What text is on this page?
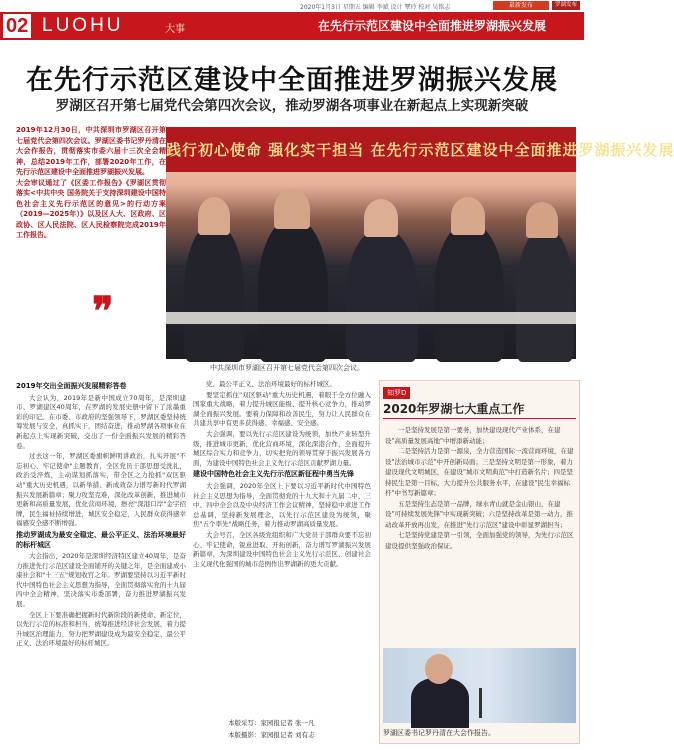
2020年1月3日 星期五 编辑 李斌 设计 覃玲 校对 吴铭志	最新发布	罗湖发布
02 LUOHU	大事	在先行示范区建设中全面推进罗湖振兴发展
在先行示范区建设中全面推进罗湖振兴发展
罗湖区召开第七届党代会第四次会议，推动罗湖各项事业在新起点上实现新突破

2019年12月30日，中共深圳市罗湖区召开第七届党代会第四次会议。罗湖区委书记罗丹清在大会作报告，贯彻落实市委六届十三次全会精神，总结2019年工作，部署2020年工作，在先行示范区建设中全面推进罗湖振兴发展。

大会审议通过了《区委工作报告》《罗湖区贯彻落实<中共中央 国务院关于支持深圳建设中国特色社会主义先行示范区的意见>的行动方案（2019—2025年）》以及区人大、区政府、区政协、区人民法院、区人民检察院完成2019年工作报告。

❞
践行初心使命 强化实干担当 在先行示范区建设中全面推进罗湖振兴发展
中共深圳市罗湖区召开第七届党代会第四次会议。
2019年交出全面振兴发展精彩答卷

大会认为，2019年是新中国成立70周年，是深圳建市、罗湖建区40周年，在罗湖的发展史册中留下了浓墨重彩的印记。在市委、市政府的坚强领导下，罗湖区委坚持统筹发展与安全，真抓实干，团结奋进，推动罗湖各项事业在新起点上实现新突破，交出了一份全面振兴发展的精彩答卷。

过去这一年，罗湖区委旗帜鲜明讲政治，扎实开展"不忘初心、牢记使命"主题教育，全区党员干部思想受洗礼，政治受淬炼，主动谋划抓落实，带全区之力抢抓"双区驱动"重大历史机遇，以新举措、新成效奋力谱写新时代罗湖振兴发展新篇章；聚力攻坚克难，深化改革创新，推进城市更新和高质量发展，优化营商环境，擦亮"深港口岸"金字招牌，民生福祉持续增进，城区安全稳定，人民群众获得感幸福感安全感不断增强。

推动罗湖成为最安全稳定、最公平正义、法治环境最好的标杆城区

大会指出，2020年是深圳经济特区建立40周年，是奋力推进先行示范区建设全面铺开的关键之年，是全面建成小康社会和"十三五"规划收官之年。罗湖要坚持以习近平新时代中国特色社会主义思想为指导，全面贯彻落实党的十九届四中全会精神，坚决落实市委部署，奋力推进罗湖振兴发展。

全区上下要准确把握新时代新阶段的新使命、新定位，以先行示范的标准和担当，统筹推进经济社会发展，着力提升城区治理能力，努力把罗湖建设成为最安全稳定、最公平正义、法治环境最好的标杆城区。

党、最公平正义、法治环境最好的标杆城区。

要坚定抓住"双区驱动"重大历史机遇，着眼于全方位融入国家重大战略，着力提升城区能级、提升核心竞争力，推动罗湖全面振兴发展。要着力保障和改善民生，努力让人民群众在共建共享中有更多获得感、幸福感、安全感。

大会强调，要以先行示范区建设为统领，加快产业转型升级，推进城市更新，优化营商环境，深化深港合作，全面提升城区综合实力和竞争力，切实把党的领导贯穿于振兴发展各方面，为建设中国特色社会主义先行示范区贡献罗湖力量。

建设中国特色社会主义先行示范区新征程中勇当先锋

大会强调，2020年全区上下要以习近平新时代中国特色社会主义思想为指导，全面贯彻党的十九大和十九届二中、三中、四中全会以及中央经济工作会议精神，坚持稳中求进工作总基调，坚持新发展理念，以先行示范区建设为统领，聚焦"五个率先"战略任务，着力推动罗湖高质量发展。

大会号召，全区各级党组织和广大党员干部群众要不忘初心、牢记使命，锐意进取、开拓创新，奋力谱写罗湖振兴发展新篇章，为深圳建设中国特色社会主义先行示范区、创建社会主义现代化强国的城市范例作出罗湖新的更大贡献。

本版采写：家园报记者 张一凡
本版摄影：家园报记者 刘有志
知罗D
2020年罗湖七大重点工作

一是坚持发展是第一要务，加快建设现代产业体系，在建设"高质量发展高地"中增添新动能；

二是坚持活力是第一源泉，全力营造国际一流营商环境，在建设"法治城市示范"中开创新局面；三是坚持文明是第一形象，着力建设现代文明城区，在建设"城市文明典范"中打造新名片；四是坚持民生是第一目标，大力提升公共服务水平，在建设"民生幸福标杆"中书写新篇章；

五是坚持生态是第一品牌，绿水青山就是金山银山，在建设"可持续发展先锋"中实现新突破；六是坚持改革是第一动力，推动改革开放再出发，在推进"先行示范区"建设中彰显罗湖担当；

七是坚持党建是第一引领，全面加强党的领导，为先行示范区建设提供坚强政治保证。

罗湖区委书记罗丹清在大会作报告。
